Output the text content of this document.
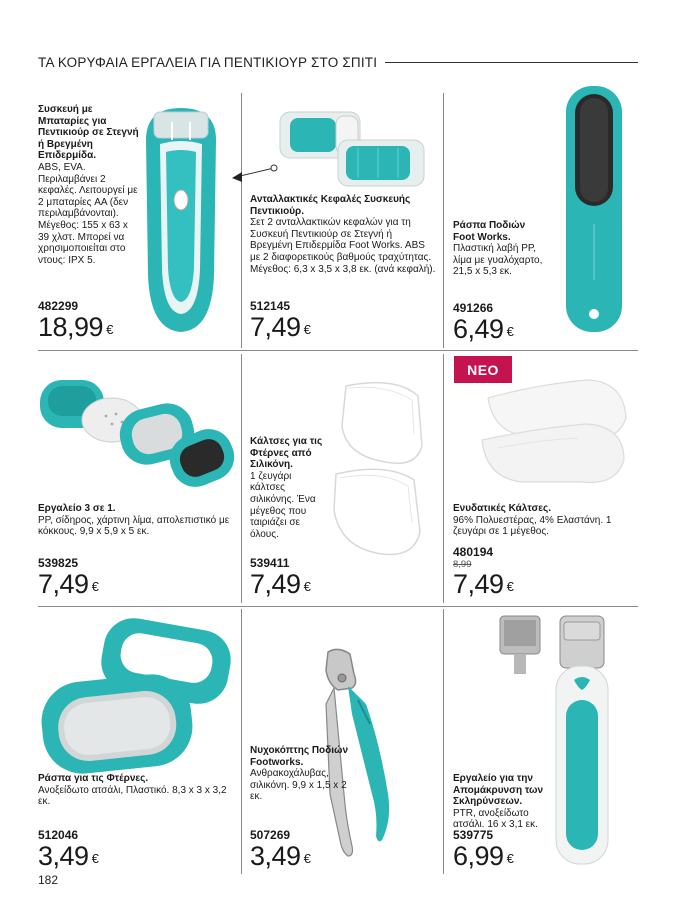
ΤΑ ΚΟΡΥΦΑΙΑ ΕΡΓΑΛΕΙΑ ΓΙΑ ΠΕΝΤΙΚΙΟΥΡ ΣΤΟ ΣΠΙΤΙ
Συσκευή με Μπαταρίες για Πεντικιούρ σε Στεγνή ή Βρεγμένη Επιδερμίδα.
ABS, EVA. Περιλαμβάνει 2 κεφαλές. Λειτουργεί με 2 μπαταρίες AA (δεν περιλαμβάνονται). Μέγεθος: 155 x 63 x 39 χλστ. Μπορεί να χρησιμοποιείται στο ντους: IPX 5.
482299
18,99 €
Ανταλλακτικές Κεφαλές Συσκευής Πεντικιούρ.
Σετ 2 ανταλλακτικών κεφαλών για τη Συσκευή Πεντικιούρ σε Στεγνή ή Βρεγμένη Επιδερμίδα Foot Works. ABS με 2 διαφορετικούς βαθμούς τραχύτητας. Μέγεθος: 6,3 x 3,5 x 3,8 εκ. (ανά κεφαλή).
512145
7,49 €
Ράσπα Ποδιών Foot Works.
Πλαστική λαβή PP, λίμα με γυαλόχαρτο, 21,5 x 5,3 εκ.
491266
6,49 €
Εργαλείο 3 σε 1.
PP, σίδηρος, χάρτινη λίμα, απολεπιστικό με κόκκους. 9,9 x 5,9 x 5 εκ.
539825
7,49 €
Κάλτσες για τις Φτέρνες από Σιλικόνη.
1 ζευγάρι κάλτσες σιλικόνης. Ένα μέγεθος που ταιριάζει σε όλους.
539411
7,49 €
ΝΕΟ
Ενυδατικές Κάλτσες.
96% Πολυεστέρας, 4% Ελαστάνη. 1 ζευγάρι σε 1 μέγεθος.
480194
8,99
7,49 €
Ράσπα για τις Φτέρνες.
Ανοξείδωτο ατσάλι, Πλαστικό. 8,3 x 3 x 3,2 εκ.
512046
3,49 €
Νυχοκόπτης Ποδιών Footworks.
Ανθρακοχάλυβας, σιλικόνη. 9,9 x 1,5 x 2 εκ.
507269
3,49 €
Εργαλείο για την Απομάκρυνση των Σκληρύνσεων.
PTR, ανοξείδωτο ατσάλι. 16 x 3,1 εκ.
539775
6,99 €
182
